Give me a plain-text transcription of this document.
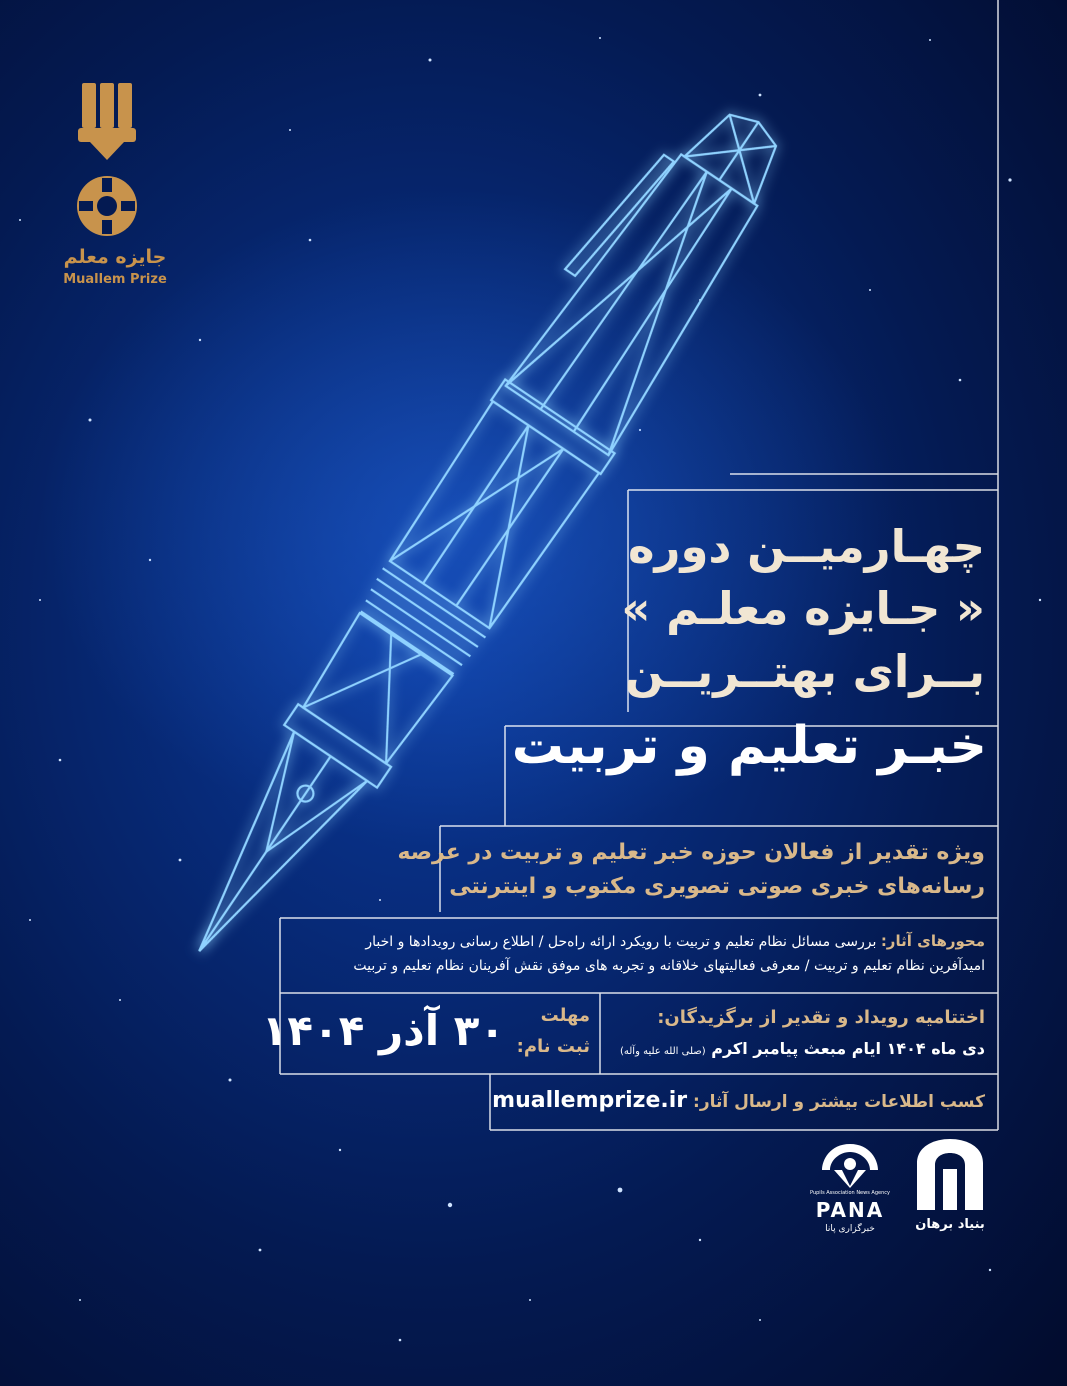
جایزه معلم
Muallem Prize
چهـارمیــن دوره
« جـایزه معلـم »
بــرای بهتــریــن
خبـر تعلیم و تربیت
ویژه تقدیر از فعالان حوزه خبر تعلیم و تربیت در عرصه
رسانه‌های خبری صوتی تصویری مکتوب و اینترنتی
محورهای آثار: بررسی مسائل نظام تعلیم و تربیت با رویکرد ارائه راه‌حل / اطلاع رسانی رویدادها و اخبار
امیدآفرین نظام تعلیم و تربیت / معرفی فعالیتهای خلاقانه و تجربه های موفق نقش آفرینان نظام تعلیم و تربیت
اختتامیه رویداد و تقدیر از برگزیدگان:
دی ماه ۱۴۰۴ ایام مبعث پیامبر اکرم (صلی الله علیه وآله)
مهلت
ثبت نام:
۳۰ آذر ۱۴۰۴
کسب اطلاعات بیشتر و ارسال آثار: muallemprize.ir
Pupils Association News Agency
PANA
خبرگزاری پانا	بنیاد برهان
